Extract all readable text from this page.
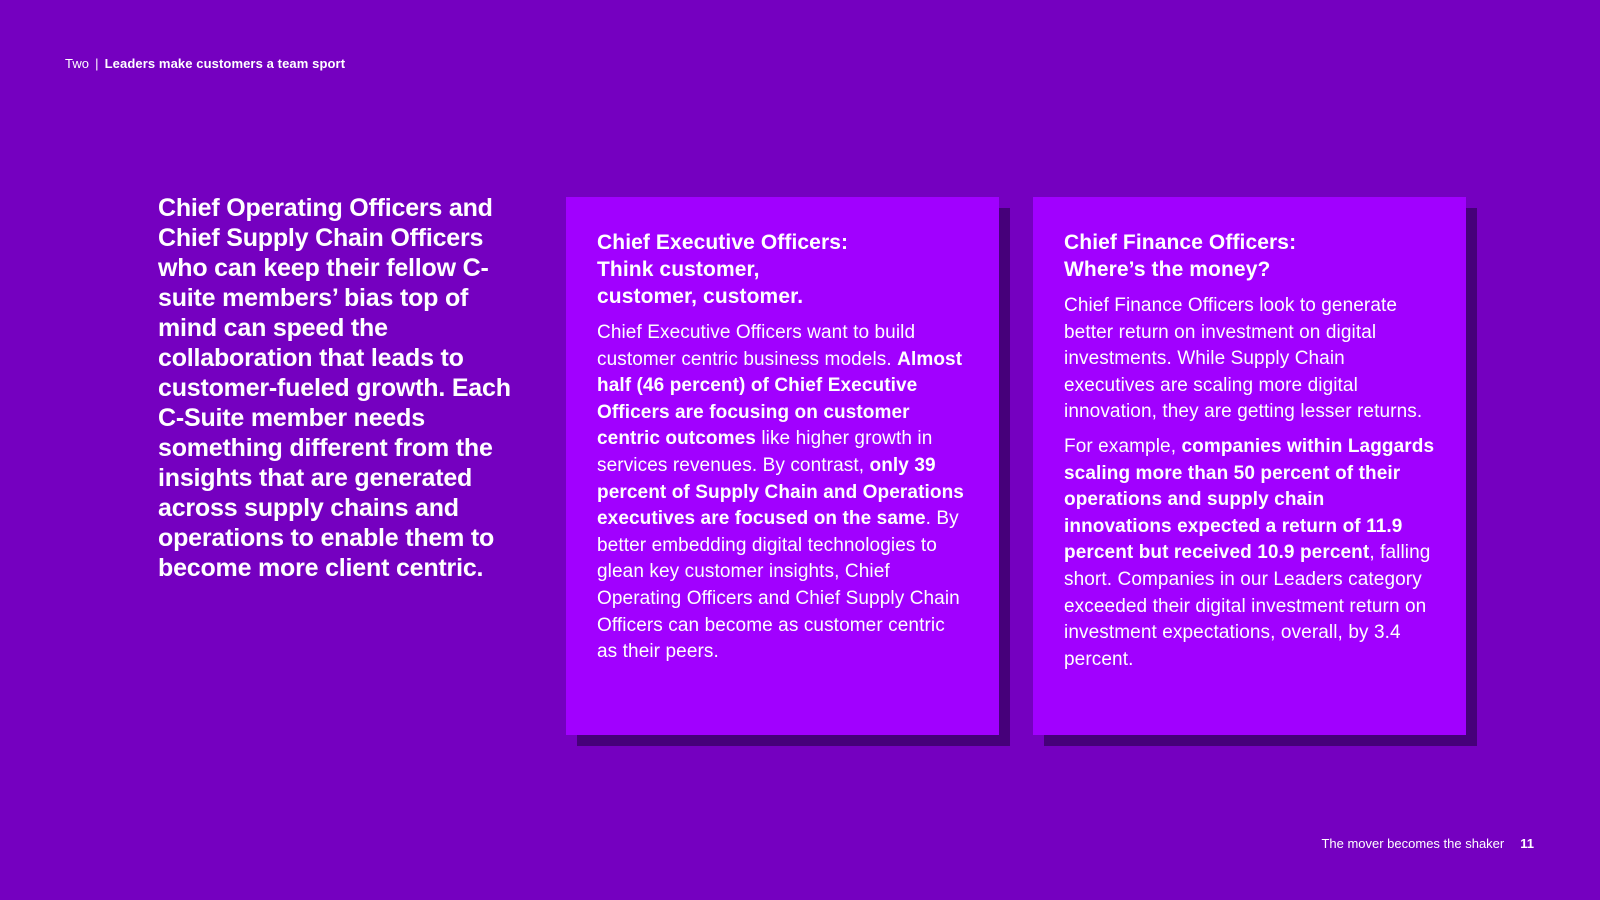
Two | Leaders make customers a team sport
Chief Operating Officers and Chief Supply Chain Officers who can keep their fellow C-suite members’ bias top of mind can speed the collaboration that leads to customer-fueled growth. Each C-Suite member needs something different from the insights that are generated across supply chains and operations to enable them to become more client centric.
Chief Executive Officers:
Think customer,
customer, customer.

Chief Executive Officers want to build customer centric business models. Almost half (46 percent) of Chief Executive Officers are focusing on customer centric outcomes like higher growth in services revenues. By contrast, only 39 percent of Supply Chain and Operations executives are focused on the same. By better embedding digital technologies to glean key customer insights, Chief Operating Officers and Chief Supply Chain Officers can become as customer centric as their peers.

Chief Finance Officers:
Where’s the money?

Chief Finance Officers look to generate better return on investment on digital investments. While Supply Chain executives are scaling more digital innovation, they are getting lesser returns.

For example, companies within Laggards scaling more than 50 percent of their operations and supply chain innovations expected a return of 11.9 percent but received 10.9 percent, falling short. Companies in our Leaders category exceeded their digital investment return on investment expectations, overall, by 3.4 percent.

The mover becomes the shaker 11
